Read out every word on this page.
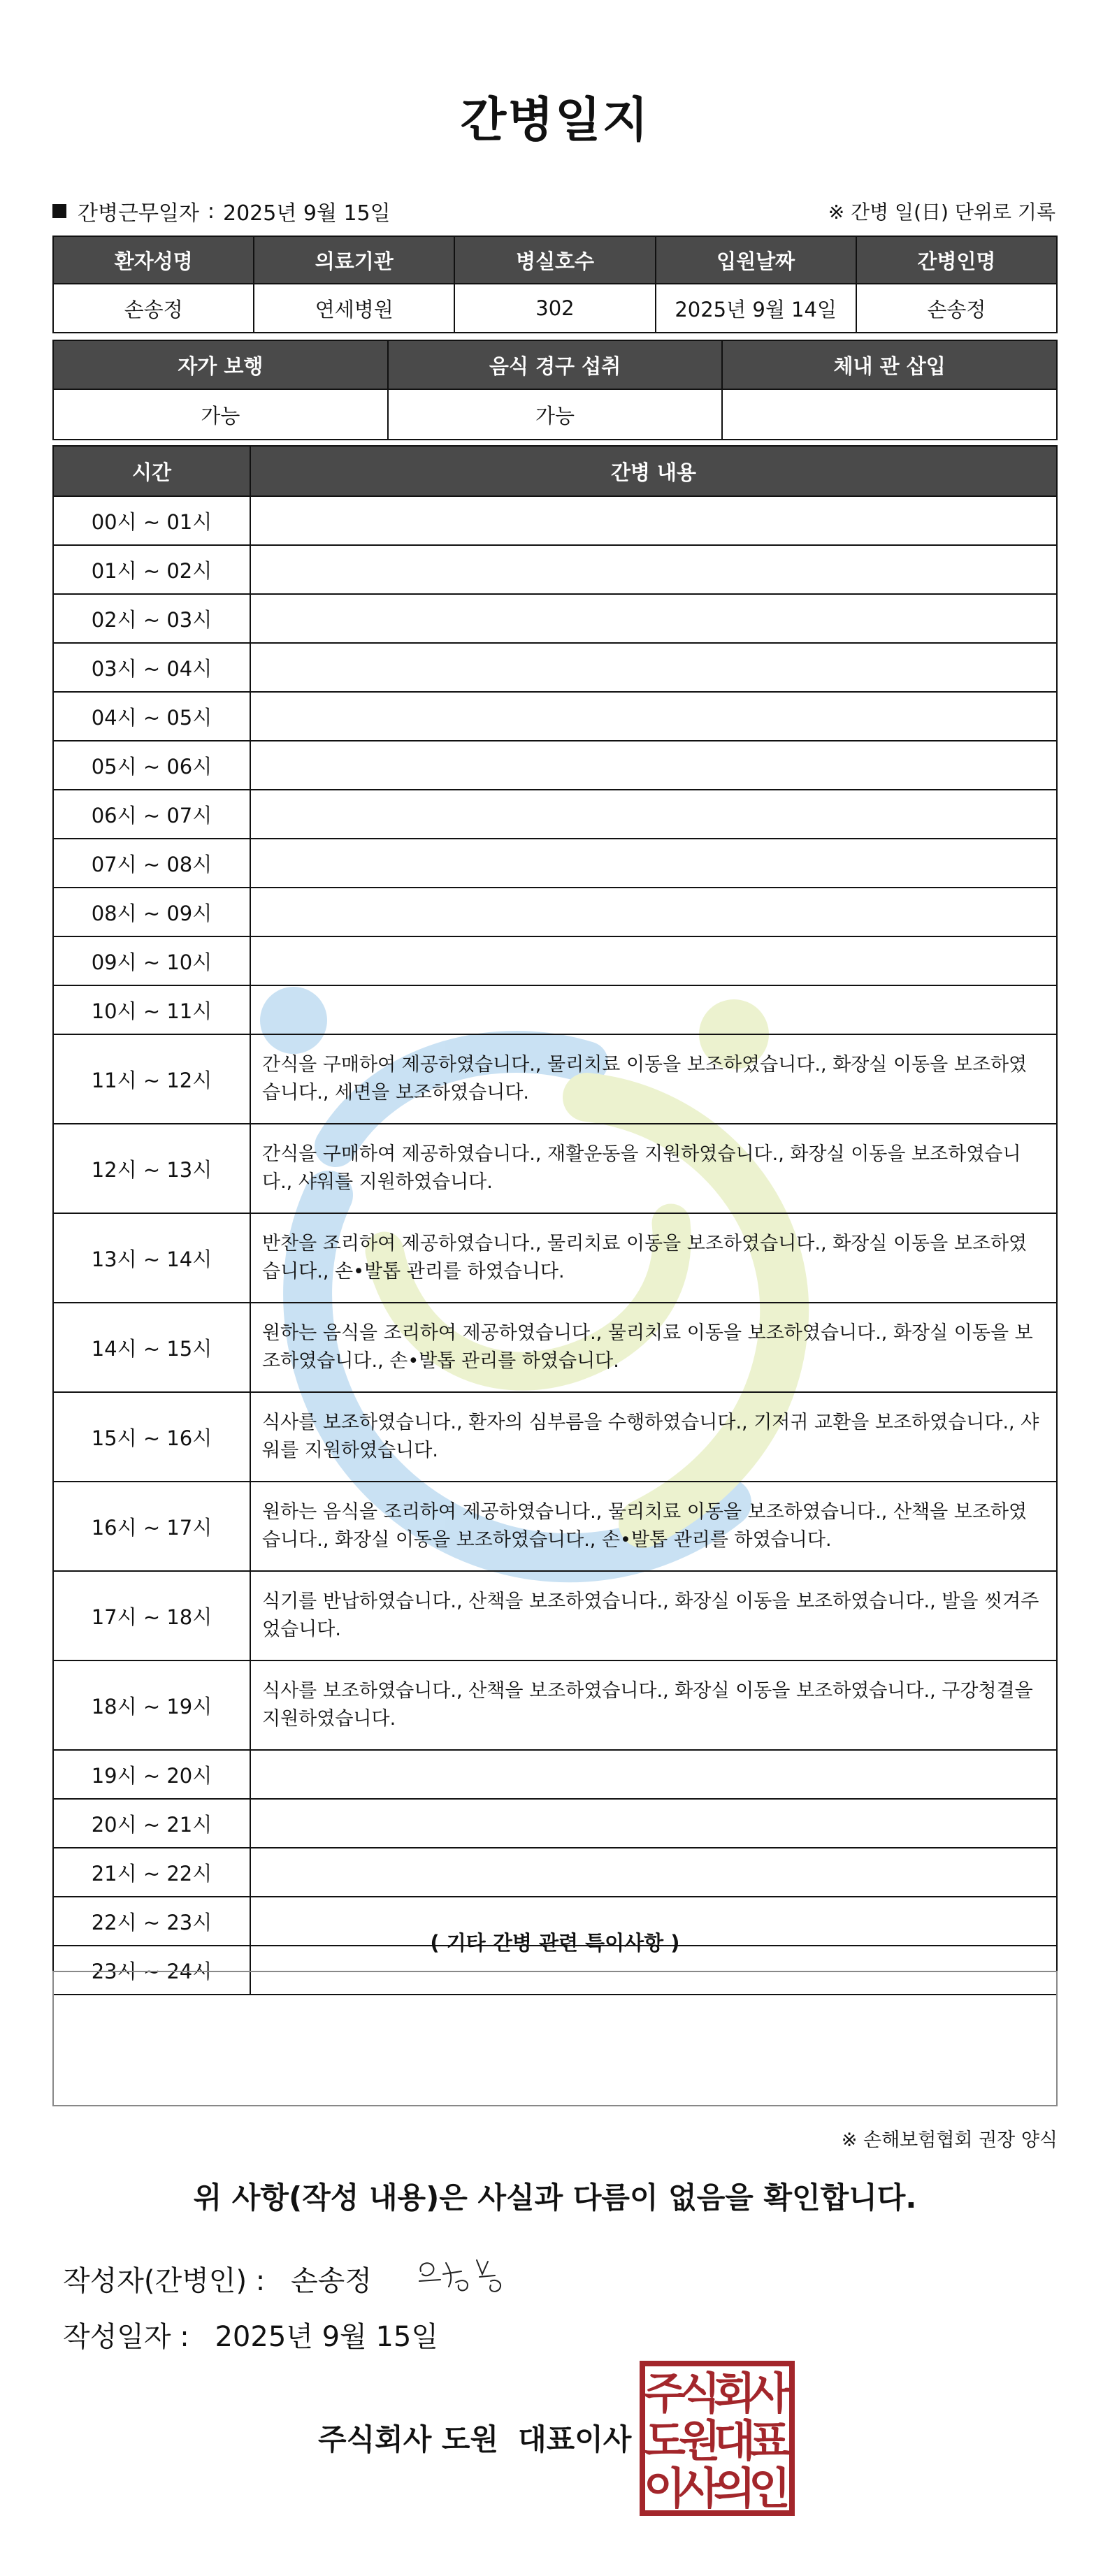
간병일지
간병근무일자 : 2025년 9월 15일	※ 간병 일(日) 단위로 기록
환자성명	의료기관	병실호수	입원날짜	간병인명
손송정	연세병원	302	2025년 9월 14일	손송정
자가 보행	음식 경구 섭취	체내 관 삽입
가능	가능	
시간	간병 내용
00시 ~ 01시	
01시 ~ 02시	
02시 ~ 03시	
03시 ~ 04시	
04시 ~ 05시	
05시 ~ 06시	
06시 ~ 07시	
07시 ~ 08시	
08시 ~ 09시	
09시 ~ 10시	
10시 ~ 11시	
11시 ~ 12시	간식을 구매하여 제공하였습니다., 물리치료 이동을 보조하였습니다., 화장실 이동을 보조하였습니다., 세면을 보조하였습니다.
12시 ~ 13시	간식을 구매하여 제공하였습니다., 재활운동을 지원하였습니다., 화장실 이동을 보조하였습니다., 샤워를 지원하였습니다.
13시 ~ 14시	반찬을 조리하여 제공하였습니다., 물리치료 이동을 보조하였습니다., 화장실 이동을 보조하였습니다., 손•발톱 관리를 하였습니다.
14시 ~ 15시	원하는 음식을 조리하여 제공하였습니다., 물리치료 이동을 보조하였습니다., 화장실 이동을 보조하였습니다., 손•발톱 관리를 하였습니다.
15시 ~ 16시	식사를 보조하였습니다., 환자의 심부름을 수행하였습니다., 기저귀 교환을 보조하였습니다., 샤워를 지원하였습니다.
16시 ~ 17시	원하는 음식을 조리하여 제공하였습니다., 물리치료 이동을 보조하였습니다., 산책을 보조하였습니다., 화장실 이동을 보조하였습니다., 손•발톱 관리를 하였습니다.
17시 ~ 18시	식기를 반납하였습니다., 산책을 보조하였습니다., 화장실 이동을 보조하였습니다., 발을 씻겨주었습니다.
18시 ~ 19시	식사를 보조하였습니다., 산책을 보조하였습니다., 화장실 이동을 보조하였습니다., 구강청결을 지원하였습니다.
19시 ~ 20시	
20시 ~ 21시	
21시 ~ 22시	
22시 ~ 23시	
23시 ~ 24시	
( 기타 간병 관련 특이사항 )
※ 손해보험협회 권장 양식
위 사항(작성 내용)은 사실과 다름이 없음을 확인합니다.
작성자(간병인) : 손송정
작성일자 : 2025년 9월 15일
주식회사 도원 대표이사
주
식
회
사
도
원
대
표
이
사
의
인
